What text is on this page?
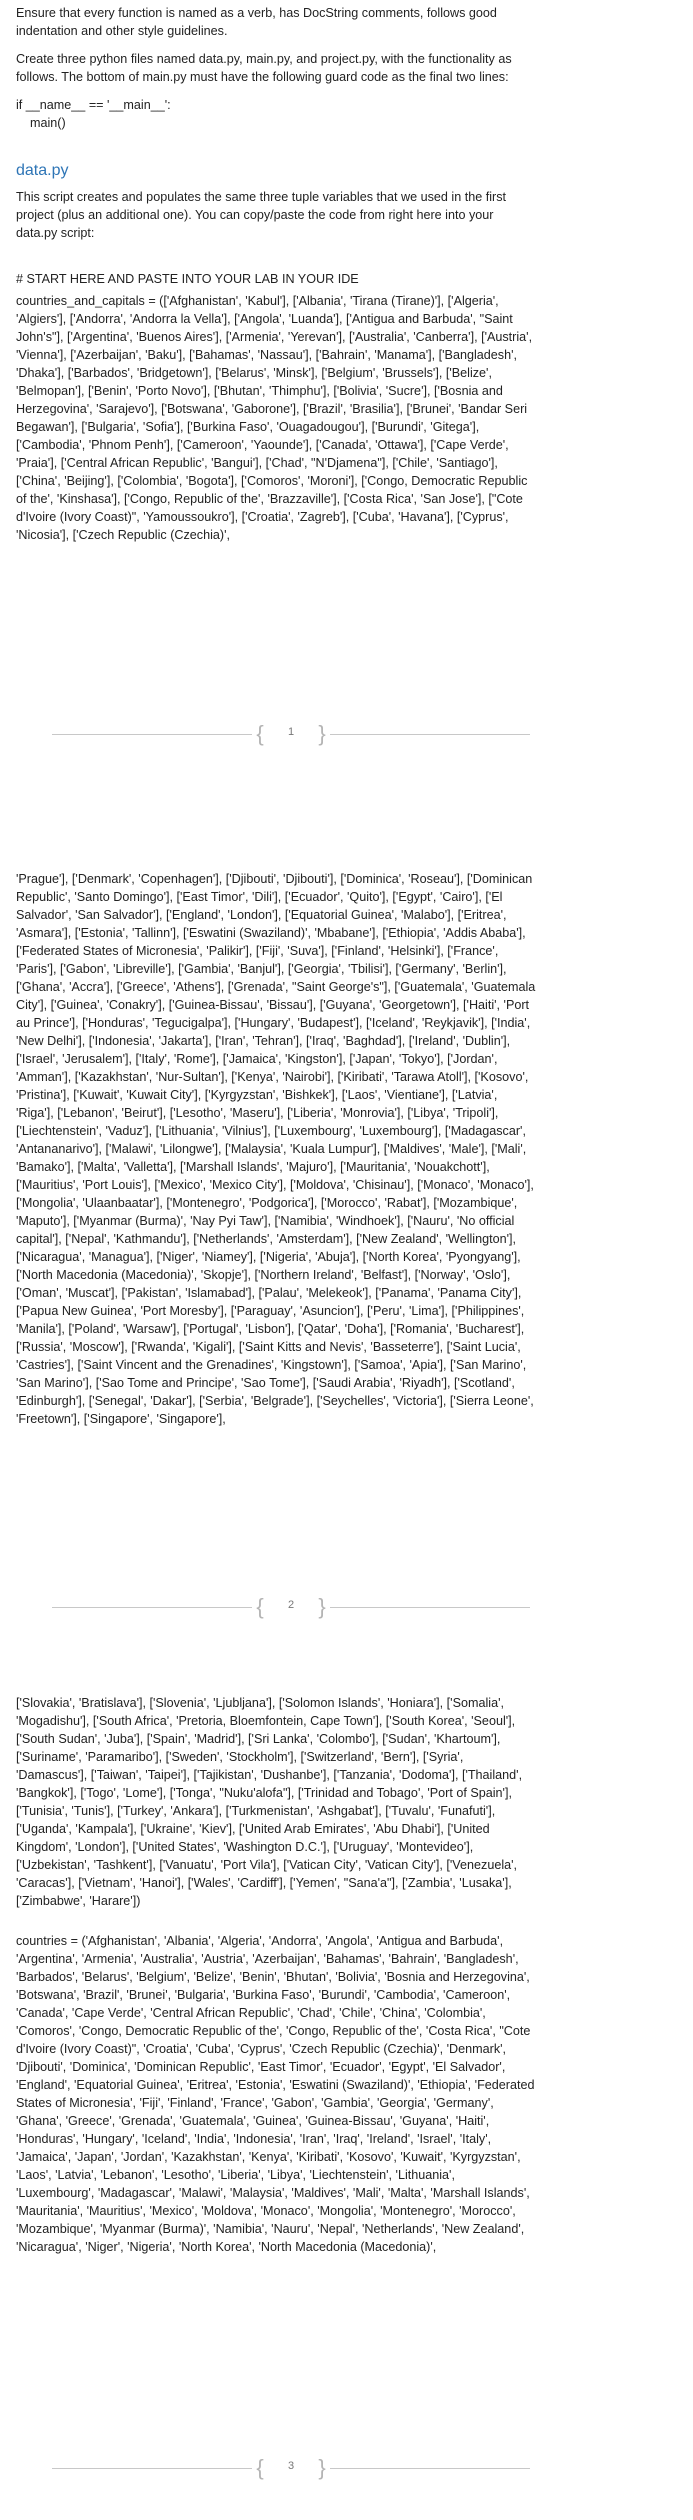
Ensure that every function is named as a verb, has DocString comments, follows good indentation and other style guidelines.

Create three python files named data.py, main.py, and project.py, with the functionality as follows. The bottom of main.py must have the following guard code as the final two lines:

if __name__ == '__main__':

main()

data.py

This script creates and populates the same three tuple variables that we used in the first project (plus an additional one). You can copy/paste the code from right here into your data.py script:

# START HERE AND PASTE INTO YOUR LAB IN YOUR IDE

countries_and_capitals = (['Afghanistan', 'Kabul'], ['Albania', 'Tirana (Tirane)'], ['Algeria', 'Algiers'], ['Andorra', 'Andorra la Vella'], ['Angola', 'Luanda'], ['Antigua and Barbuda', "Saint John's"], ['Argentina', 'Buenos Aires'], ['Armenia', 'Yerevan'], ['Australia', 'Canberra'], ['Austria', 'Vienna'], ['Azerbaijan', 'Baku'], ['Bahamas', 'Nassau'], ['Bahrain', 'Manama'], ['Bangladesh', 'Dhaka'], ['Barbados', 'Bridgetown'], ['Belarus', 'Minsk'], ['Belgium', 'Brussels'], ['Belize', 'Belmopan'], ['Benin', 'Porto Novo'], ['Bhutan', 'Thimphu'], ['Bolivia', 'Sucre'], ['Bosnia and Herzegovina', 'Sarajevo'], ['Botswana', 'Gaborone'], ['Brazil', 'Brasilia'], ['Brunei', 'Bandar Seri Begawan'], ['Bulgaria', 'Sofia'], ['Burkina Faso', 'Ouagadougou'], ['Burundi', 'Gitega'], ['Cambodia', 'Phnom Penh'], ['Cameroon', 'Yaounde'], ['Canada', 'Ottawa'], ['Cape Verde', 'Praia'], ['Central African Republic', 'Bangui'], ['Chad', "N'Djamena"], ['Chile', 'Santiago'], ['China', 'Beijing'], ['Colombia', 'Bogota'], ['Comoros', 'Moroni'], ['Congo, Democratic Republic of the', 'Kinshasa'], ['Congo, Republic of the', 'Brazzaville'], ['Costa Rica', 'San Jose'], ["Cote d'Ivoire (Ivory Coast)", 'Yamoussoukro'], ['Croatia', 'Zagreb'], ['Cuba', 'Havana'], ['Cyprus', 'Nicosia'], ['Czech Republic (Czechia)',

{ }
1

'Prague'], ['Denmark', 'Copenhagen'], ['Djibouti', 'Djibouti'], ['Dominica', 'Roseau'], ['Dominican Republic', 'Santo Domingo'], ['East Timor', 'Dili'], ['Ecuador', 'Quito'], ['Egypt', 'Cairo'], ['El Salvador', 'San Salvador'], ['England', 'London'], ['Equatorial Guinea', 'Malabo'], ['Eritrea', 'Asmara'], ['Estonia', 'Tallinn'], ['Eswatini (Swaziland)', 'Mbabane'], ['Ethiopia', 'Addis Ababa'], ['Federated States of Micronesia', 'Palikir'], ['Fiji', 'Suva'], ['Finland', 'Helsinki'], ['France', 'Paris'], ['Gabon', 'Libreville'], ['Gambia', 'Banjul'], ['Georgia', 'Tbilisi'], ['Germany', 'Berlin'], ['Ghana', 'Accra'], ['Greece', 'Athens'], ['Grenada', "Saint George's"], ['Guatemala', 'Guatemala City'], ['Guinea', 'Conakry'], ['Guinea-Bissau', 'Bissau'], ['Guyana', 'Georgetown'], ['Haiti', 'Port au Prince'], ['Honduras', 'Tegucigalpa'], ['Hungary', 'Budapest'], ['Iceland', 'Reykjavik'], ['India', 'New Delhi'], ['Indonesia', 'Jakarta'], ['Iran', 'Tehran'], ['Iraq', 'Baghdad'], ['Ireland', 'Dublin'], ['Israel', 'Jerusalem'], ['Italy', 'Rome'], ['Jamaica', 'Kingston'], ['Japan', 'Tokyo'], ['Jordan', 'Amman'], ['Kazakhstan', 'Nur-Sultan'], ['Kenya', 'Nairobi'], ['Kiribati', 'Tarawa Atoll'], ['Kosovo', 'Pristina'], ['Kuwait', 'Kuwait City'], ['Kyrgyzstan', 'Bishkek'], ['Laos', 'Vientiane'], ['Latvia', 'Riga'], ['Lebanon', 'Beirut'], ['Lesotho', 'Maseru'], ['Liberia', 'Monrovia'], ['Libya', 'Tripoli'], ['Liechtenstein', 'Vaduz'], ['Lithuania', 'Vilnius'], ['Luxembourg', 'Luxembourg'], ['Madagascar', 'Antananarivo'], ['Malawi', 'Lilongwe'], ['Malaysia', 'Kuala Lumpur'], ['Maldives', 'Male'], ['Mali', 'Bamako'], ['Malta', 'Valletta'], ['Marshall Islands', 'Majuro'], ['Mauritania', 'Nouakchott'], ['Mauritius', 'Port Louis'], ['Mexico', 'Mexico City'], ['Moldova', 'Chisinau'], ['Monaco', 'Monaco'], ['Mongolia', 'Ulaanbaatar'], ['Montenegro', 'Podgorica'], ['Morocco', 'Rabat'], ['Mozambique', 'Maputo'], ['Myanmar (Burma)', 'Nay Pyi Taw'], ['Namibia', 'Windhoek'], ['Nauru', 'No official capital'], ['Nepal', 'Kathmandu'], ['Netherlands', 'Amsterdam'], ['New Zealand', 'Wellington'], ['Nicaragua', 'Managua'], ['Niger', 'Niamey'], ['Nigeria', 'Abuja'], ['North Korea', 'Pyongyang'], ['North Macedonia (Macedonia)', 'Skopje'], ['Northern Ireland', 'Belfast'], ['Norway', 'Oslo'], ['Oman', 'Muscat'], ['Pakistan', 'Islamabad'], ['Palau', 'Melekeok'], ['Panama', 'Panama City'], ['Papua New Guinea', 'Port Moresby'], ['Paraguay', 'Asuncion'], ['Peru', 'Lima'], ['Philippines', 'Manila'], ['Poland', 'Warsaw'], ['Portugal', 'Lisbon'], ['Qatar', 'Doha'], ['Romania', 'Bucharest'], ['Russia', 'Moscow'], ['Rwanda', 'Kigali'], ['Saint Kitts and Nevis', 'Basseterre'], ['Saint Lucia', 'Castries'], ['Saint Vincent and the Grenadines', 'Kingstown'], ['Samoa', 'Apia'], ['San Marino', 'San Marino'], ['Sao Tome and Principe', 'Sao Tome'], ['Saudi Arabia', 'Riyadh'], ['Scotland', 'Edinburgh'], ['Senegal', 'Dakar'], ['Serbia', 'Belgrade'], ['Seychelles', 'Victoria'], ['Sierra Leone', 'Freetown'], ['Singapore', 'Singapore'],

{ }
2

['Slovakia', 'Bratislava'], ['Slovenia', 'Ljubljana'], ['Solomon Islands', 'Honiara'], ['Somalia', 'Mogadishu'], ['South Africa', 'Pretoria, Bloemfontein, Cape Town'], ['South Korea', 'Seoul'], ['South Sudan', 'Juba'], ['Spain', 'Madrid'], ['Sri Lanka', 'Colombo'], ['Sudan', 'Khartoum'], ['Suriname', 'Paramaribo'], ['Sweden', 'Stockholm'], ['Switzerland', 'Bern'], ['Syria', 'Damascus'], ['Taiwan', 'Taipei'], ['Tajikistan', 'Dushanbe'], ['Tanzania', 'Dodoma'], ['Thailand', 'Bangkok'], ['Togo', 'Lome'], ['Tonga', "Nuku'alofa"], ['Trinidad and Tobago', 'Port of Spain'], ['Tunisia', 'Tunis'], ['Turkey', 'Ankara'], ['Turkmenistan', 'Ashgabat'], ['Tuvalu', 'Funafuti'], ['Uganda', 'Kampala'], ['Ukraine', 'Kiev'], ['United Arab Emirates', 'Abu Dhabi'], ['United Kingdom', 'London'], ['United States', 'Washington D.C.'], ['Uruguay', 'Montevideo'], ['Uzbekistan', 'Tashkent'], ['Vanuatu', 'Port Vila'], ['Vatican City', 'Vatican City'], ['Venezuela', 'Caracas'], ['Vietnam', 'Hanoi'], ['Wales', 'Cardiff'], ['Yemen', "Sana'a"], ['Zambia', 'Lusaka'], ['Zimbabwe', 'Harare'])

countries = ('Afghanistan', 'Albania', 'Algeria', 'Andorra', 'Angola', 'Antigua and Barbuda', 'Argentina', 'Armenia', 'Australia', 'Austria', 'Azerbaijan', 'Bahamas', 'Bahrain', 'Bangladesh', 'Barbados', 'Belarus', 'Belgium', 'Belize', 'Benin', 'Bhutan', 'Bolivia', 'Bosnia and Herzegovina', 'Botswana', 'Brazil', 'Brunei', 'Bulgaria', 'Burkina Faso', 'Burundi', 'Cambodia', 'Cameroon', 'Canada', 'Cape Verde', 'Central African Republic', 'Chad', 'Chile', 'China', 'Colombia', 'Comoros', 'Congo, Democratic Republic of the', 'Congo, Republic of the', 'Costa Rica', "Cote d'Ivoire (Ivory Coast)", 'Croatia', 'Cuba', 'Cyprus', 'Czech Republic (Czechia)', 'Denmark', 'Djibouti', 'Dominica', 'Dominican Republic', 'East Timor', 'Ecuador', 'Egypt', 'El Salvador', 'England', 'Equatorial Guinea', 'Eritrea', 'Estonia', 'Eswatini (Swaziland)', 'Ethiopia', 'Federated States of Micronesia', 'Fiji', 'Finland', 'France', 'Gabon', 'Gambia', 'Georgia', 'Germany', 'Ghana', 'Greece', 'Grenada', 'Guatemala', 'Guinea', 'Guinea-Bissau', 'Guyana', 'Haiti', 'Honduras', 'Hungary', 'Iceland', 'India', 'Indonesia', 'Iran', 'Iraq', 'Ireland', 'Israel', 'Italy', 'Jamaica', 'Japan', 'Jordan', 'Kazakhstan', 'Kenya', 'Kiribati', 'Kosovo', 'Kuwait', 'Kyrgyzstan', 'Laos', 'Latvia', 'Lebanon', 'Lesotho', 'Liberia', 'Libya', 'Liechtenstein', 'Lithuania', 'Luxembourg', 'Madagascar', 'Malawi', 'Malaysia', 'Maldives', 'Mali', 'Malta', 'Marshall Islands', 'Mauritania', 'Mauritius', 'Mexico', 'Moldova', 'Monaco', 'Mongolia', 'Montenegro', 'Morocco', 'Mozambique', 'Myanmar (Burma)', 'Namibia', 'Nauru', 'Nepal', 'Netherlands', 'New Zealand', 'Nicaragua', 'Niger', 'Nigeria', 'North Korea', 'North Macedonia (Macedonia)',

{ }
3
